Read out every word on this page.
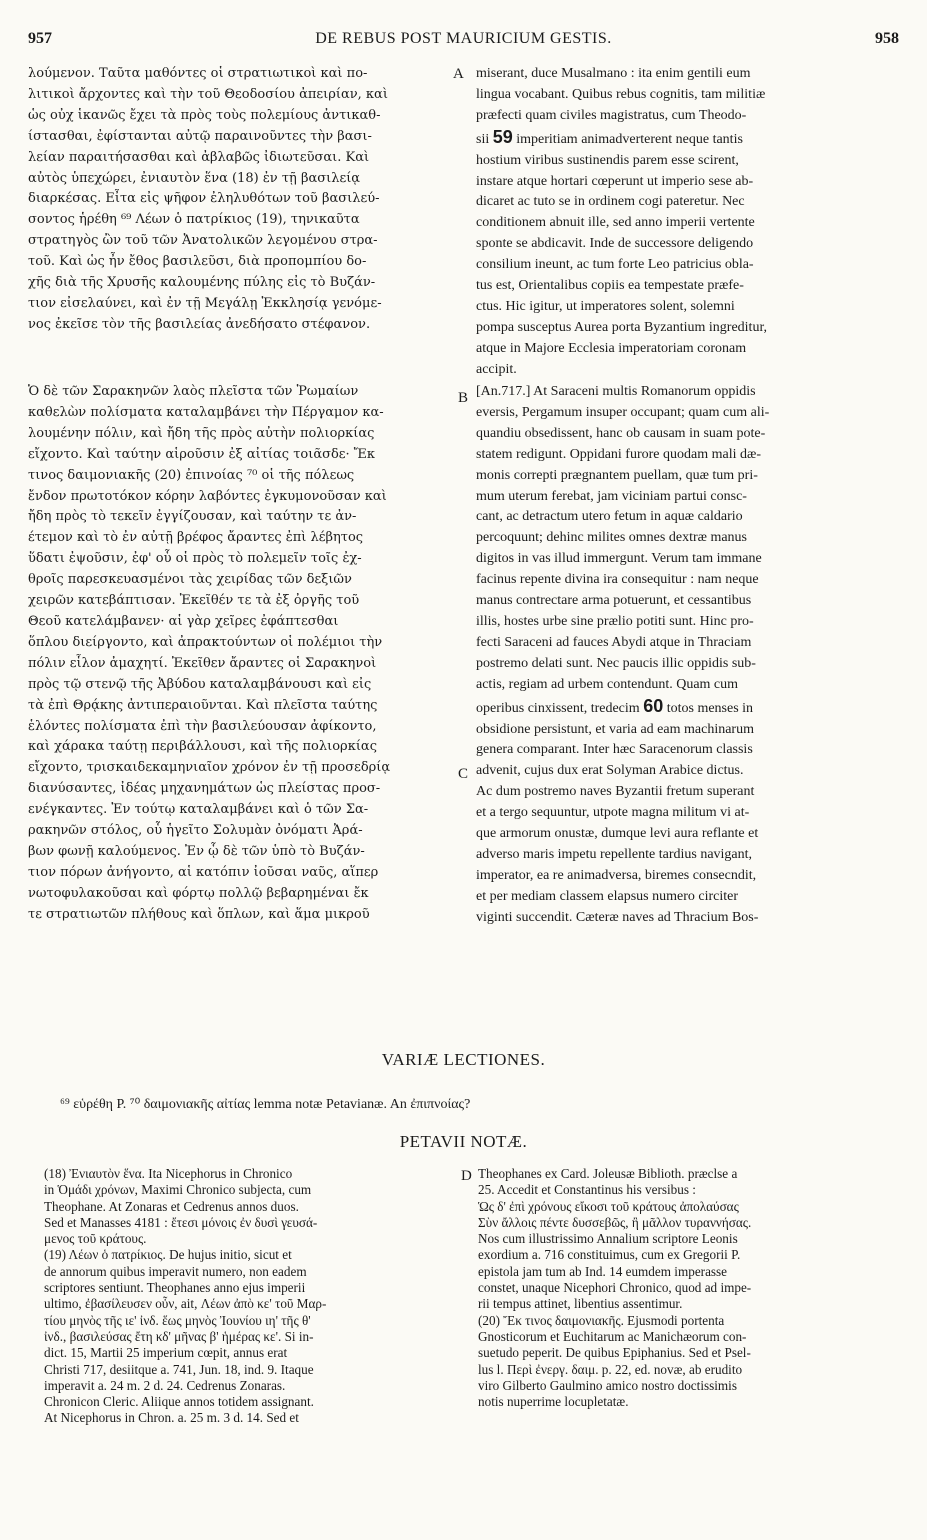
957	DE REBUS POST MAURICIUM GESTIS.	958
A
B
C
D
λούμενον. Ταῦτα μαθόντες οἱ στρατιωτικοὶ καὶ πο-
λιτικοὶ ἄρχοντες καὶ τὴν τοῦ Θεοδοσίου ἀπειρίαν, καὶ
ὡς οὐχ ἱκανῶς ἔχει τὰ πρὸς τοὺς πολεμίους ἀντικαθ-
ίστασθαι, ἐφίστανται αὐτῷ παραινοῦντες τὴν βασι-
λείαν παραιτήσασθαι καὶ ἀβλαβῶς ἰδιωτεῦσαι. Καὶ
αὐτὸς ὑπεχώρει, ἐνιαυτὸν ἕνα (18) ἐν τῇ βασιλείᾳ
διαρκέσας. Εἶτα εἰς ψῆφον ἐληλυθότων τοῦ βασιλεύ-
σοντος ἡρέθη ⁶⁹ Λέων ὁ πατρίκιος (19), τηνικαῦτα
στρατηγὸς ὢν τοῦ τῶν Ἀνατολικῶν λεγομένου στρα-
τοῦ. Καὶ ὡς ἦν ἔθος βασιλεῦσι, διὰ προπομπίου δο-
χῆς διὰ τῆς Χρυσῆς καλουμένης πύλης εἰς τὸ Βυζάν-
τιον εἰσελαύνει, καὶ ἐν τῇ Μεγάλῃ Ἐκκλησίᾳ γενόμε-
νος ἐκεῖσε τὸν τῆς βασιλείας ἀνεδήσατο στέφανον.
Ὁ δὲ τῶν Σαρακηνῶν λαὸς πλεῖστα τῶν Ῥωμαίων
καθελὼν πολίσματα καταλαμβάνει τὴν Πέργαμον κα-
λουμένην πόλιν, καὶ ἤδη τῆς πρὸς αὐτὴν πολιορκίας
εἴχοντο. Καὶ ταύτην αἱροῦσιν ἐξ αἰτίας τοιᾶσδε· Ἔκ
τινος δαιμονιακῆς (20) ἐπινοίας ⁷⁰ οἱ τῆς πόλεως
ἔνδον πρωτοτόκον κόρην λαβόντες ἐγκυμονοῦσαν καὶ
ἤδη πρὸς τὸ τεκεῖν ἐγγίζουσαν, καὶ ταύτην τε ἀν-
έτεμον καὶ τὸ ἐν αὐτῇ βρέφος ἄραντες ἐπὶ λέβητος
ὕδατι ἐψοῦσιν, ἐφ' οὗ οἱ πρὸς τὸ πολεμεῖν τοῖς ἐχ-
θροῖς παρεσκευασμένοι τὰς χειρίδας τῶν δεξιῶν
χειρῶν κατεβάπτισαν. Ἐκεῖθέν τε τὰ ἐξ ὀργῆς τοῦ
Θεοῦ κατελάμβανεν· αἱ γὰρ χεῖρες ἐφάπτεσθαι
ὅπλου διείργοντο, καὶ ἀπρακτούντων οἱ πολέμιοι τὴν
πόλιν εἷλον ἀμαχητί. Ἐκεῖθεν ἄραντες οἱ Σαρακηνοὶ
πρὸς τῷ στενῷ τῆς Ἀβύδου καταλαμβάνουσι καὶ εἰς
τὰ ἐπὶ Θρᾴκης ἀντιπεραιοῦνται. Καὶ πλεῖστα ταύτης
ἑλόντες πολίσματα ἐπὶ τὴν βασιλεύουσαν ἀφίκοντο,
καὶ χάρακα ταύτῃ περιβάλλουσι, καὶ τῆς πολιορκίας
εἴχοντο, τρισκαιδεκαμηνιαῖον χρόνον ἐν τῇ προσεδρίᾳ
διανύσαντες, ἰδέας μηχανημάτων ὡς πλείστας προσ-
ενέγκαντες. Ἐν τούτῳ καταλαμβάνει καὶ ὁ τῶν Σα-
ρακηνῶν στόλος, οὗ ἡγεῖτο Σολυμὰν ὀνόματι Ἀρά-
βων φωνῇ καλούμενος. Ἐν ᾧ δὲ τῶν ὑπὸ τὸ Βυζάν-
τιον πόρων ἀνήγοντο, αἱ κατόπιν ἰοῦσαι ναῦς, αἵπερ
νωτοφυλακοῦσαι καὶ φόρτῳ πολλῷ βεβαρημέναι ἔκ
τε στρατιωτῶν πλήθους καὶ ὅπλων, καὶ ἅμα μικροῦ
miserant, duce Musalmano : ita enim gentili eum
lingua vocabant. Quibus rebus cognitis, tam militiæ
præfecti quam civiles magistratus, cum Theodo-
sii 59 imperitiam animadverterent neque tantis
hostium viribus sustinendis parem esse scirent,
instare atque hortari cœperunt ut imperio sese ab-
dicaret ac tuto se in ordinem cogi pateretur. Nec
conditionem abnuit ille, sed anno imperii vertente
sponte se abdicavit. Inde de successore deligendo
consilium ineunt, ac tum forte Leo patricius obla-
tus est, Orientalibus copiis ea tempestate præfe-
ctus. Hic igitur, ut imperatores solent, solemni
pompa susceptus Aurea porta Byzantium ingreditur,
atque in Majore Ecclesia imperatoriam coronam
accipit.
[An.717.] At Saraceni multis Romanorum oppidis
eversis, Pergamum insuper occupant; quam cum ali-
quandiu obsedissent, hanc ob causam in suam pote-
statem redigunt. Oppidani furore quodam mali dæ-
monis correpti prægnantem puellam, quæ tum pri-
mum uterum ferebat, jam viciniam partui consc-
cant, ac detractum utero fetum in aquæ caldario
percoquunt; dehinc milites omnes dextræ manus
digitos in vas illud immergunt. Verum tam immane
facinus repente divina ira consequitur : nam neque
manus contrectare arma potuerunt, et cessantibus
illis, hostes urbe sine prælio potiti sunt. Hinc pro-
fecti Saraceni ad fauces Abydi atque in Thraciam
postremo delati sunt. Nec paucis illic oppidis sub-
actis, regiam ad urbem contendunt. Quam cum
operibus cinxissent, tredecim 60 totos menses in
obsidione persistunt, et varia ad eam machinarum
genera comparant. Inter hæc Saracenorum classis
advenit, cujus dux erat Solyman Arabice dictus.
Ac dum postremo naves Byzantii fretum superant
et a tergo sequuntur, utpote magna militum vi at-
que armorum onustæ, dumque levi aura reflante et
adverso maris impetu repellente tardius navigant,
imperator, ea re animadversa, biremes consecndit,
et per mediam classem elapsus numero circiter
viginti succendit. Cæteræ naves ad Thracium Bos-
VARIÆ LECTIONES.
⁶⁹ εὑρέθη P. ⁷⁰ δαιμονιακῆς αἰτίας lemma notæ Petavianæ. An ἐπιπνοίας?
PETAVII NOTÆ.
(18) Ἐνιαυτὸν ἕνα. Ita Nicephorus in Chronico
in Ὁμάδι χρόνων, Maximi Chronico subjecta, cum
Theophane. At Zonaras et Cedrenus annos duos.
Sed et Manasses 4181 : ἔτεσι μόνοις ἐν δυσὶ γευσά-
μενος τοῦ κράτους.
(19) Λέων ὁ πατρίκιος. De hujus initio, sicut et
de annorum quibus imperavit numero, non eadem
scriptores sentiunt. Theophanes anno ejus imperii
ultimo, ἐβασίλευσεν οὖν, ait, Λέων ἀπὸ κε' τοῦ Μαρ-
τίου μηνὸς τῆς ιε' ἰνδ. ἕως μηνὸς Ἰουνίου ιη' τῆς θ'
ἰνδ., βασιλεύσας ἔτη κδ' μῆνας β' ἡμέρας κε'. Si in-
dict. 15, Martii 25 imperium cœpit, annus erat
Christi 717, desiitque a. 741, Jun. 18, ind. 9. Itaque
imperavit a. 24 m. 2 d. 24. Cedrenus Zonaras.
Chronicon Cleric. Aliique annos totidem assignant.
At Nicephorus in Chron. a. 25 m. 3 d. 14. Sed et
Theophanes ex Card. Joleusæ Biblioth. præclse a
25. Accedit et Constantinus his versibus :
Ὡς δ' ἐπὶ χρόνους εἴκοσι τοῦ κράτους ἀπολαύσας
Σὺν ἄλλοις πέντε δυσσεβῶς, ἢ μᾶλλον τυραννήσας.
Nos cum illustrissimo Annalium scriptore Leonis
exordium a. 716 constituimus, cum ex Gregorii P.
epistola jam tum ab Ind. 14 eumdem imperasse
constet, unaque Nicephori Chronico, quod ad impe-
rii tempus attinet, libentius assentimur.
(20) Ἔκ τινος δαιμονιακῆς. Ejusmodi portenta
Gnosticorum et Euchitarum ac Manichæorum con-
suetudo peperit. De quibus Epiphanius. Sed et Psel-
lus l. Περὶ ἐνεργ. δαιμ. p. 22, ed. novæ, ab erudito
viro Gilberto Gaulmino amico nostro doctissimis
notis nuperrime locupletatæ.
